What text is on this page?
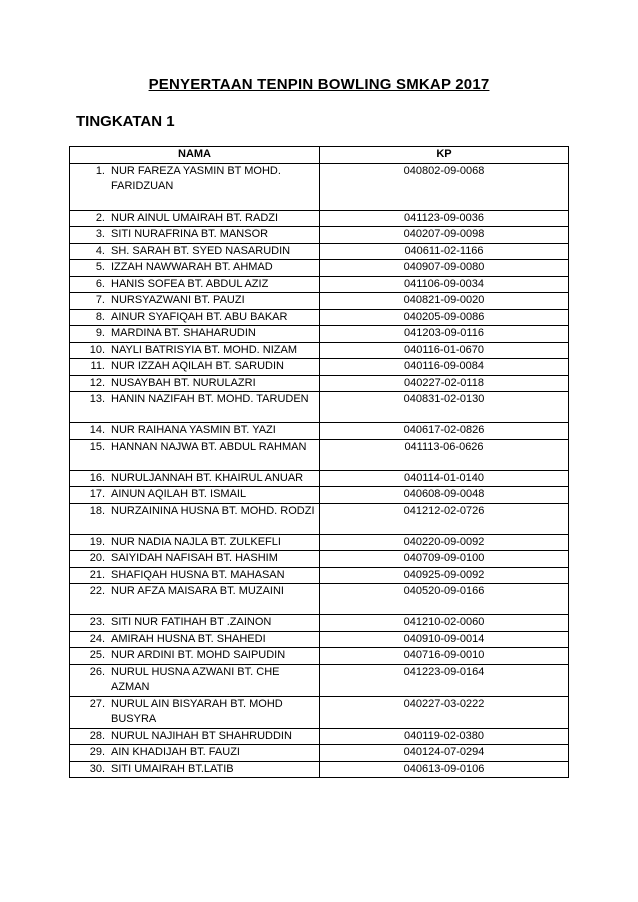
PENYERTAAN TENPIN BOWLING SMKAP 2017
TINGKATAN 1
NAMA	KP

1. NUR FAREZA YASMIN BT MOHD. FARIDZUAN	040802-09-0068

2. NUR AINUL UMAIRAH BT. RADZI	041123-09-0036

3. SITI NURAFRINA BT. MANSOR	040207-09-0098

4. SH. SARAH BT. SYED NASARUDIN	040611-02-1166

5. IZZAH NAWWARAH BT. AHMAD	040907-09-0080

6. HANIS SOFEA BT. ABDUL AZIZ	041106-09-0034

7. NURSYAZWANI BT. PAUZI	040821-09-0020

8. AINUR SYAFIQAH BT. ABU BAKAR	040205-09-0086

9. MARDINA BT. SHAHARUDIN	041203-09-0116

10. NAYLI BATRISYIA BT. MOHD. NIZAM	040116-01-0670

11. NUR IZZAH AQILAH BT. SARUDIN	040116-09-0084

12. NUSAYBAH BT. NURULAZRI	040227-02-0118

13. HANIN NAZIFAH BT. MOHD. TARUDEN	040831-02-0130

14. NUR RAIHANA YASMIN BT. YAZI	040617-02-0826

15. HANNAN NAJWA BT. ABDUL RAHMAN	041113-06-0626

16. NURULJANNAH BT. KHAIRUL ANUAR	040114-01-0140

17. AINUN AQILAH BT. ISMAIL	040608-09-0048

18. NURZAININA HUSNA BT. MOHD. RODZI	041212-02-0726

19. NUR NADIA NAJLA BT. ZULKEFLI	040220-09-0092

20. SAIYIDAH NAFISAH BT. HASHIM	040709-09-0100

21. SHAFIQAH HUSNA BT. MAHASAN	040925-09-0092

22. NUR AFZA MAISARA BT. MUZAINI	040520-09-0166

23. SITI NUR FATIHAH BT .ZAINON	041210-02-0060

24. AMIRAH HUSNA BT. SHAHEDI	040910-09-0014

25. NUR ARDINI BT. MOHD SAIPUDIN	040716-09-0010

26. NURUL HUSNA AZWANI BT. CHE AZMAN	041223-09-0164

27. NURUL AIN BISYARAH BT. MOHD BUSYRA	040227-03-0222

28. NURUL NAJIHAH BT SHAHRUDDIN	040119-02-0380

29. AIN KHADIJAH BT. FAUZI	040124-07-0294

30. SITI UMAIRAH BT.LATIB	040613-09-0106
